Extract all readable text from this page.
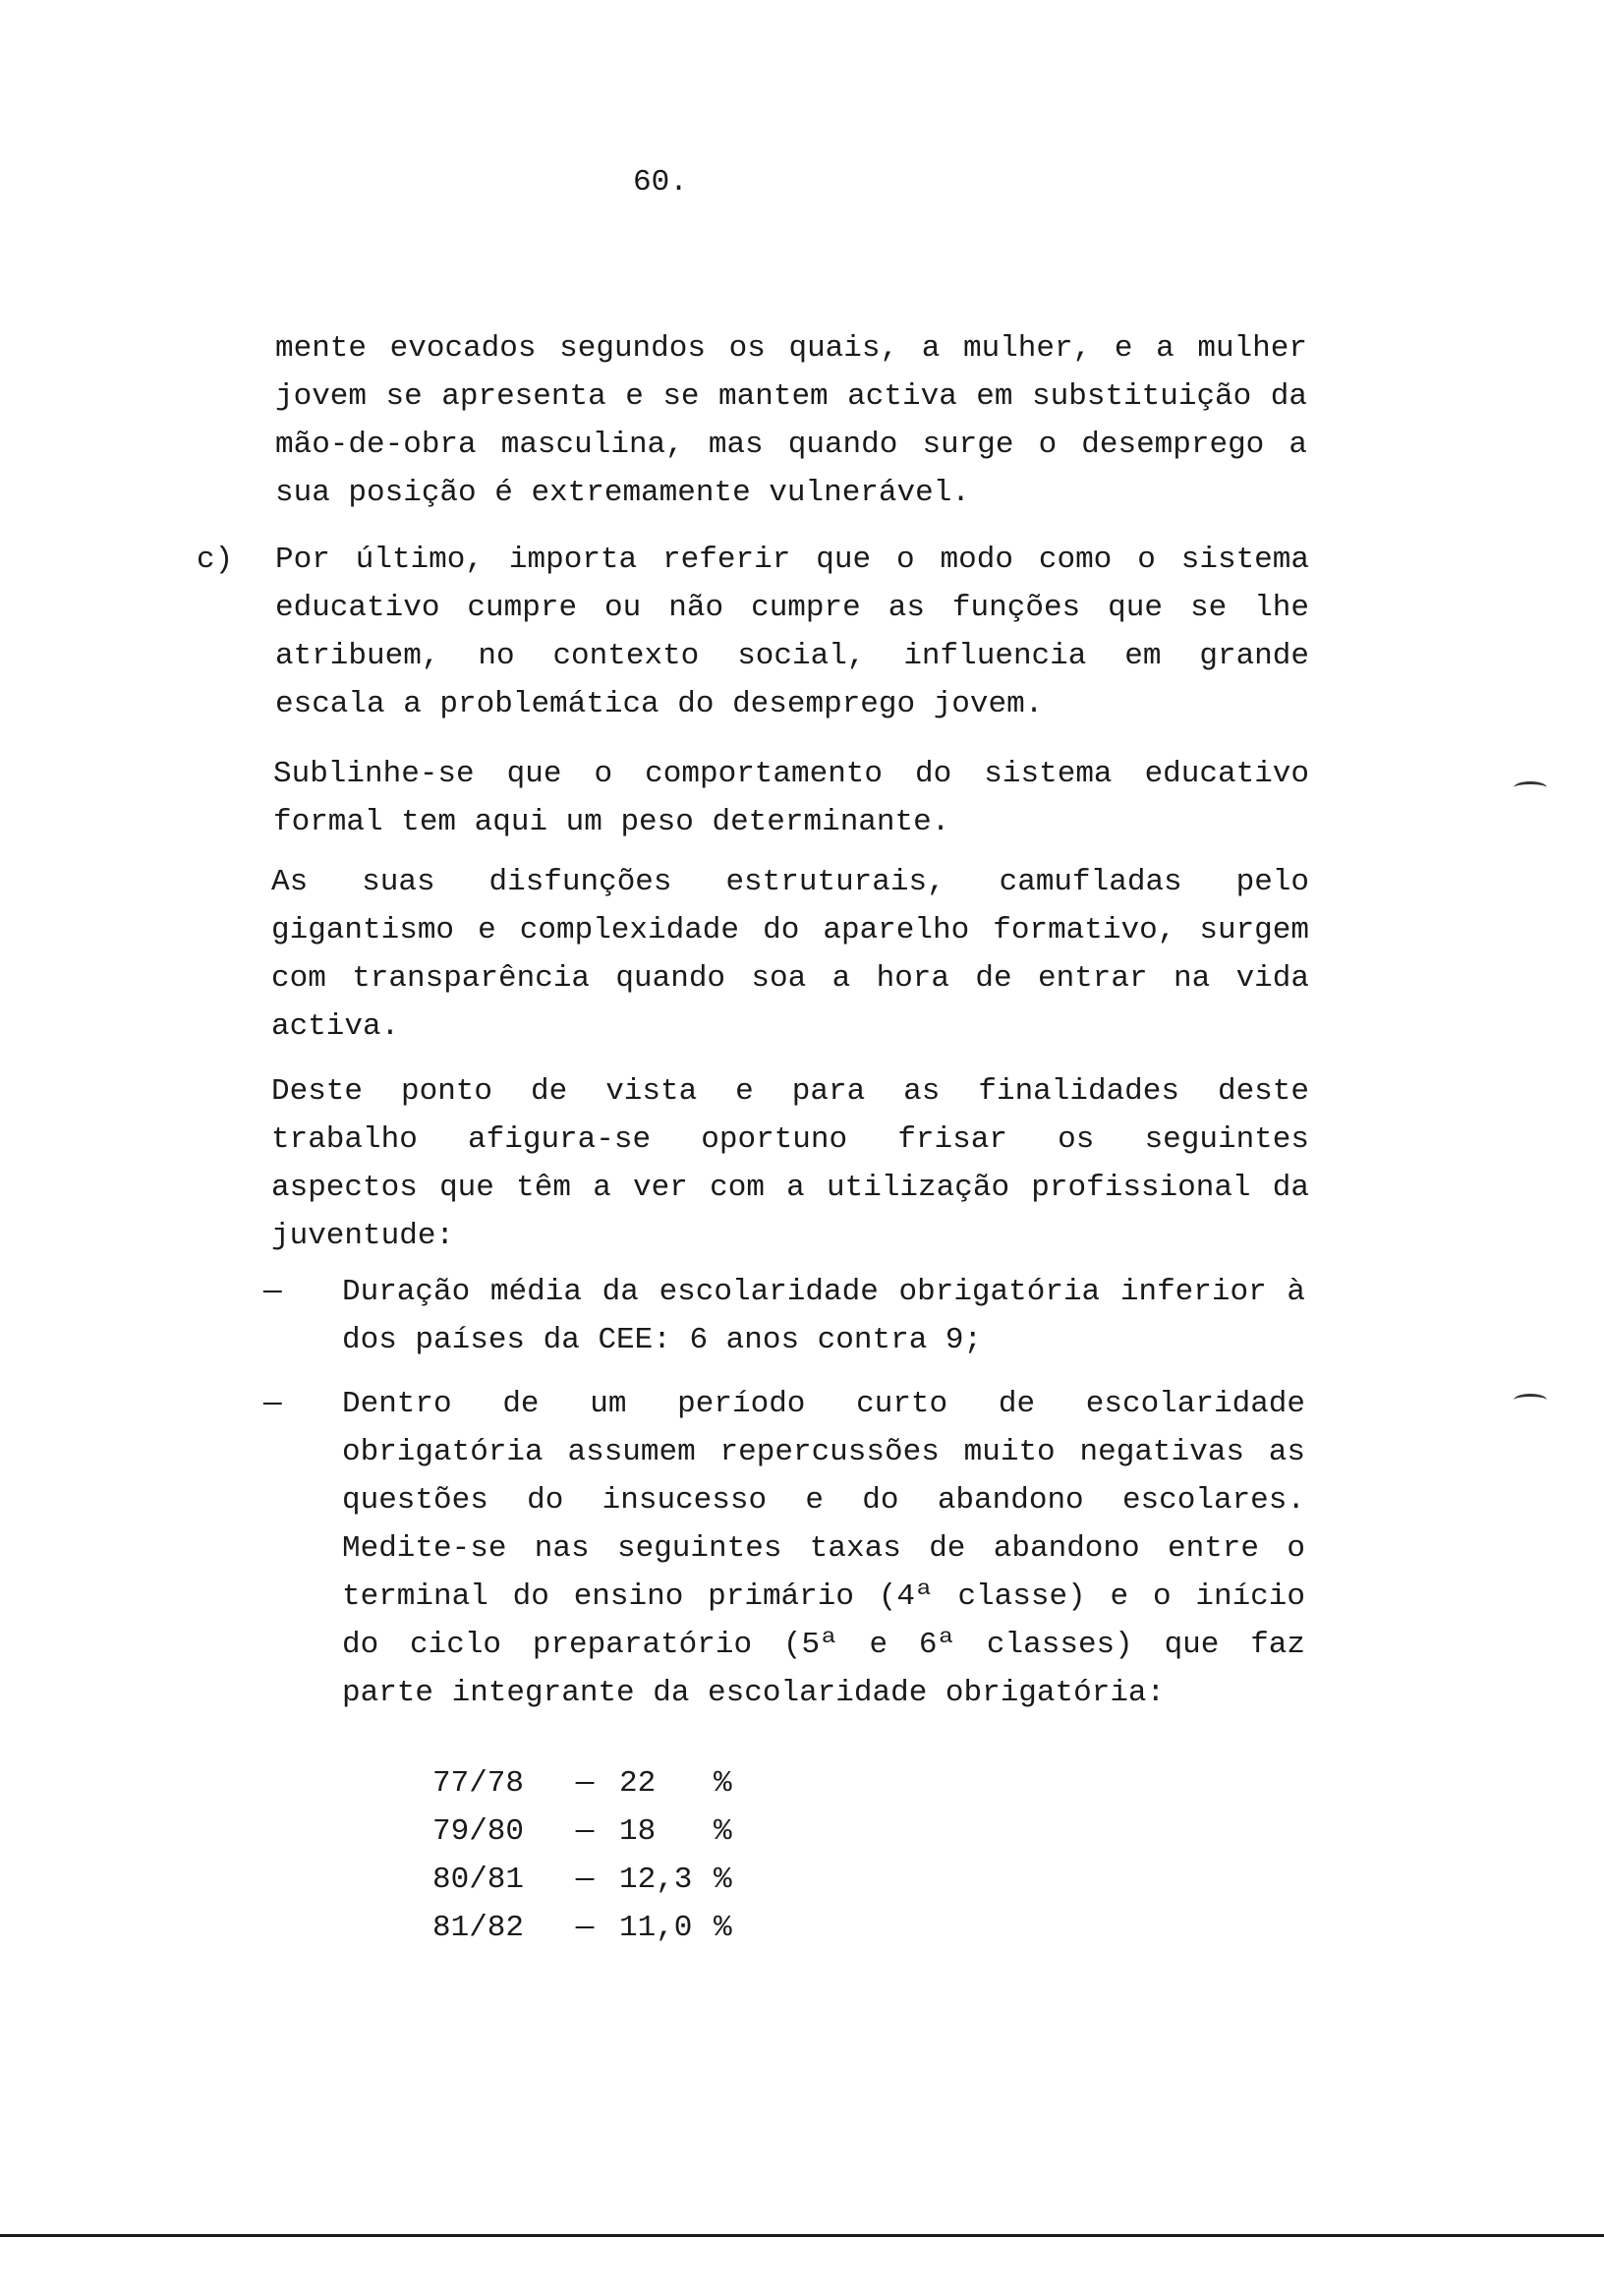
60.
mente evocados segundos os quais, a mulher, e a mulher jovem se apresenta e se mantem activa em substituição da mão-de-obra masculina, mas quando surge o desemprego a sua posição é extremamente vulnerável.
c) Por último, importa referir que o modo como o sistema educativo cumpre ou não cumpre as funções que se lhe atribuem, no contexto social, influencia em grande escala a problemática do desemprego jovem.
Sublinhe-se que o comportamento do sistema educativo formal tem aqui um peso determinante.
As suas disfunções estruturais, camufladas pelo gigantismo e complexidade do aparelho formativo, surgem com transparência quando soa a hora de entrar na vida activa.
Deste ponto de vista e para as finalidades deste trabalho afigura-se oportuno frisar os seguintes aspectos que têm a ver com a utilização profissional da juventude:
— Duração média da escolaridade obrigatória inferior à dos países da CEE: 6 anos contra 9;
— Dentro de um período curto de escolaridade obrigatória assumem repercussões muito negativas as questões do insucesso e do abandono escolares. Medite-se nas seguintes taxas de abandono entre o terminal do ensino primário (4ª classe) e o início do ciclo preparatório (5ª e 6ª classes) que faz parte integrante da escolaridade obrigatória:
77/78	— 22	%
79/80	— 18	%
80/81	— 12,3 %
81/82	— 11,0 %
